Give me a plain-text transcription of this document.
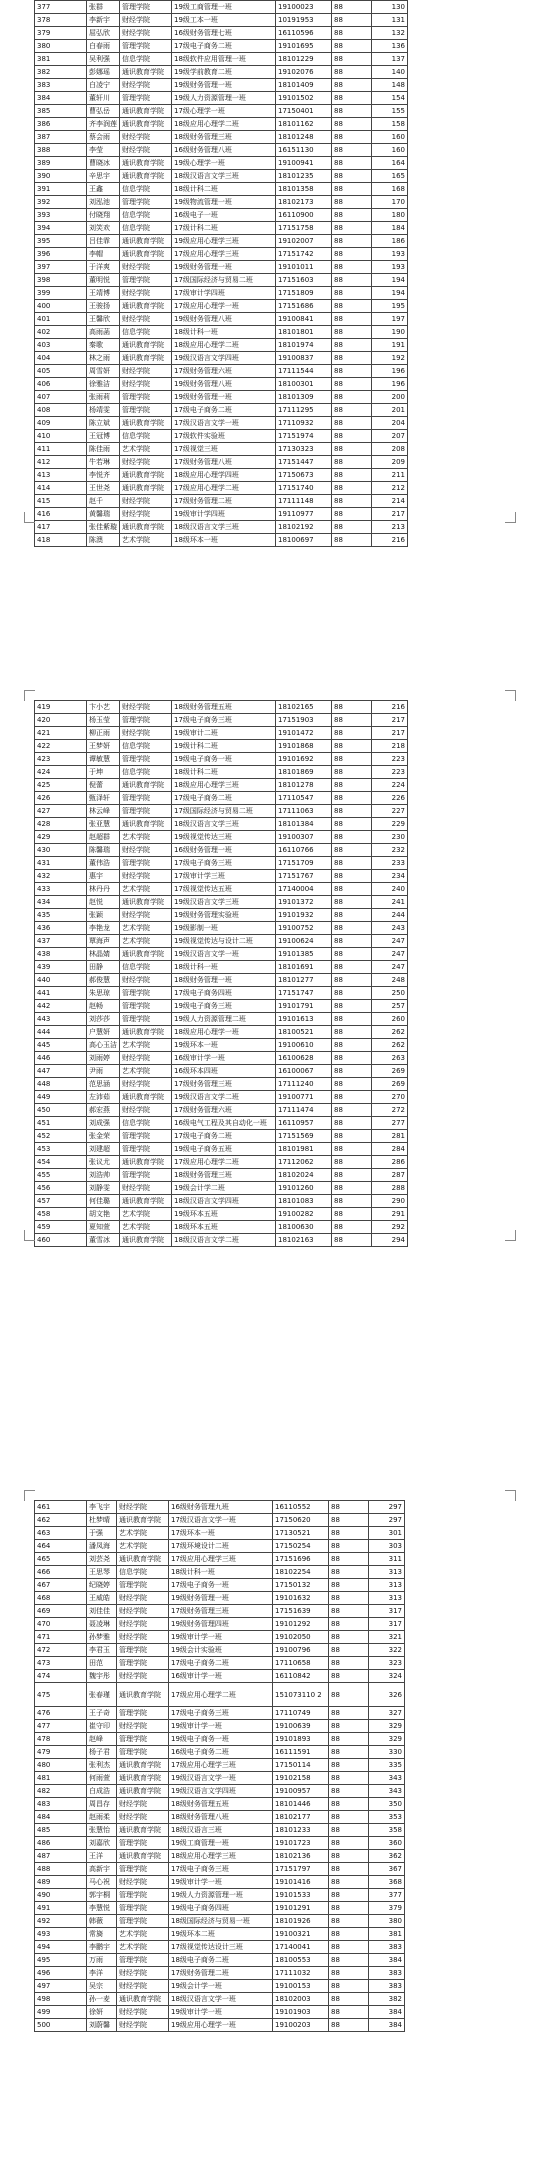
377	张群	管理学院	19级工商管理一班	19100023	88	130
378	李新宇	财经学院	19级工本一班	10191953	88	131
379	屈弘欣	财经学院	16级财务管理七班	16110596	88	132
380	白春雨	管理学院	17级电子商务二班	19101695	88	136
381	吴利强	信息学院	18级软件应用管理一班	18101229	88	137
382	彭娜瑶	通识教育学院	19级学前教育二班	19102076	88	140
383	白凌宁	财经学院	19级财务管理一班	18101409	88	148
384	董轩川	管理学院	19级人力资源管理一班	19101502	88	154
385	曹弘岳	通识教育学院	17级心理学一班	17150401	88	155
386	齐李润莲	通识教育学院	18级应用心理学二班	18101162	88	158
387	蔡会雨	财经学院	18级财务管理三班	18101248	88	160
388	李莹	财经学院	16级财务管理八班	16151130	88	160
389	曹晓冰	通识教育学院	19级心理学一班	19100941	88	164
390	辛思宇	通识教育学院	18级汉语言文学三班	18101235	88	165
391	王鑫	信息学院	18级计科二班	18101358	88	168
392	刘泓池	管理学院	19级物流管理一班	18102173	88	170
393	付晓翔	信息学院	16级电子一班	16110900	88	180
394	刘笑欢	信息学院	17级计科二班	17151758	88	184
395	吕佳霏	通识教育学院	19级应用心理学三班	19102007	88	186
396	李帽	通识教育学院	17级应用心理学三班	17151742	88	193
397	于洋爽	财经学院	19级财务管理一班	19101011	88	193
398	董明悦	管理学院	17级国际经济与贸易二班	17151603	88	194
399	王靖博	财经学院	17级审计学四班	17151809	88	194
400	王骏扬	通识教育学院	17级应用心理学一班	17151686	88	195
401	王馨欣	财经学院	19级财务管理八班	19100841	88	197
402	高雨菡	信息学院	18级计科一班	18101801	88	190
403	秦歌	通识教育学院	18级应用心理学二班	18101974	88	191
404	林之雨	通识教育学院	19级汉语言文学四班	19100837	88	192
405	周雪妍	财经学院	17级财务管理六班	17111544	88	196
406	徐雅洁	财经学院	19级财务管理八班	18100301	88	196
407	张雨莉	管理学院	19级财务管理一班	18101309	88	200
408	杨靖雯	管理学院	17级电子商务二班	17111295	88	201
409	陈立斌	通识教育学院	17级汉语言文学一班	17110932	88	204
410	王冠博	信息学院	17级软件实验班	17151974	88	207
411	陈佳雨	艺术学院	17级视觉三班	17130323	88	208
412	牛若琳	财经学院	17级财务管理八班	17151447	88	209
413	李悦齐	通识教育学院	18级应用心理学四班	17150673	88	211
414	王世尧	通识教育学院	17级应用心理学二班	17151740	88	212
415	赵千	财经学院	17级财务管理二班	17111148	88	214
416	黄馨瑞	财经学院	19级审计学四班	19110977	88	217
417	张佳紫璇	通识教育学院	18级汉语言文学三班	18102192	88	213
418	陈澳	艺术学院	18级环本一班	18100697	88	216
419	卞小艺	财经学院	18级财务管理五班	18102165	88	216
420	杨玉莹	管理学院	17级电子商务三班	17151903	88	217
421	柳正雨	财经学院	19级审计二班	19101472	88	217
422	王梦妍	信息学院	19级计科二班	19101868	88	218
423	谭敏慧	管理学院	19级电子商务一班	19101692	88	223
424	于坤	信息学院	18级计科二班	18101869	88	223
425	倪蕾	通识教育学院	18级应用心理学三班	18101278	88	224
426	甄泽轩	管理学院	17级电子商务二班	17110547	88	226
427	林云峰	管理学院	17级国际经济与贸易二班	17111063	88	227
428	张亚慧	通识教育学院	18级汉语言文学三班	18101384	88	229
429	赵超群	艺术学院	19级视觉传达三班	19100307	88	230
430	陈馨瑞	财经学院	16级财务管理一班	16110766	88	232
431	董伟浩	管理学院	17级电子商务三班	17151709	88	233
432	惠宇	财经学院	17级审计学三班	17151767	88	234
433	林丹丹	艺术学院	17级视觉传达五班	17140004	88	240
434	赵悦	通识教育学院	19级汉语言文学三班	19101372	88	241
435	张颖	财经学院	19级财务管理实验班	19101932	88	244
436	李艳龙	艺术学院	19级影制一班	19100752	88	243
437	覃海声	艺术学院	19级视觉传达与设计二班	19100624	88	247
438	林晶婧	通识教育学院	19级汉语言文学一班	19101385	88	247
439	田静	信息学院	18级计科一班	18101691	88	247
440	郝俊慧	财经学院	18级财务管理一班	18101277	88	248
441	朱思琼	管理学院	17级电子商务四班	17151747	88	250
442	赵畅	管理学院	19级电子商务三班	19101791	88	257
443	刘莎莎	管理学院	19级人力资源管理二班	19101613	88	260
444	户慧妍	通识教育学院	18级应用心理学一班	18100521	88	262
445	高心玉洁	艺术学院	19级环本一班	19100610	88	262
446	刘雨婷	财经学院	16级审计学一班	16100628	88	263
447	尹雨	艺术学院	16级环本四班	16100067	88	269
448	范思涵	财经学院	17级财务管理三班	17111240	88	269
449	左沛茹	通识教育学院	19级汉语言文学二班	19100771	88	270
450	郝宏燕	财经学院	17级财务管理六班	17111474	88	272
451	刘成强	信息学院	16级电气工程及其自动化一班	16110957	88	277
452	张金荣	管理学院	17级电子商务二班	17151569	88	281
453	刘建超	管理学院	19级电子商务五班	18101981	88	284
454	张议尤	通识教育学院	17级应用心理学二班	17112062	88	286
455	刘浩帅	管理学院	18级财务管理三班	18102024	88	287
456	刘静雯	财经学院	19级会计学二班	19101260	88	288
457	何佳璐	通识教育学院	18级汉语言文学四班	18101083	88	290
458	胡文艳	艺术学院	19级环本五班	19100282	88	291
459	夏知萱	艺术学院	18级环本五班	18100630	88	292
460	董雪冰	通识教育学院	18级汉语言文学二班	18102163	88	294
461	李飞宇	财经学院	16级财务管理九班	16110552	88	297
462	杜梦晴	通识教育学院	17级汉语言文学一班	17150620	88	297
463	于强	艺术学院	17级环本一班	17130521	88	301
464	潘凤海	艺术学院	17级环境设计二班	17150254	88	303
465	刘芸尧	通识教育学院	17级应用心理学三班	17151696	88	311
466	王思琴	信息学院	18级计科一班	18102254	88	313
467	纪晓婷	管理学院	17级电子商务一班	17150132	88	313
468	王威皓	财经学院	19级财务管理一班	19101632	88	313
469	刘佳佳	财经学院	17级财务管理三班	17151639	88	317
470	聂凌琳	财经学院	19级财务管理四班	19101292	88	317
471	孙梦雅	财经学院	19级审计学一班	19102050	88	321
472	李君玉	管理学院	19级会计实验班	19100796	88	322
473	田范	管理学院	17级电子商务二班	17110658	88	323
474	魏宇彤	财经学院	16级审计学一班	16110842	88	324
475	张春瑾	通识教育学院	17级应用心理学二班	151073110 2	88	326
476	王子奇	管理学院	17级电子商务三班	17110749	88	327
477	崔守印	财经学院	19级审计学一班	19100639	88	329
478	赵峰	管理学院	19级电子商务一班	19101893	88	329
479	杨子君	管理学院	16级电子商务二班	16111591	88	330
480	张利杰	通识教育学院	17级应用心理学三班	17150114	88	335
481	何雨萱	通识教育学院	19级汉语言文学一班	19102158	88	343
482	白成浩	通识教育学院	19级汉语言文学四班	19100957	88	343
483	周昌存	财经学院	18级财务管理五班	18101446	88	350
484	赵雨柔	财经学院	18级财务管理八班	18102177	88	353
485	张慧怡	通识教育学院	18级汉语言三班	18101233	88	358
486	刘嘉欣	管理学院	19级工商管理一班	19101723	88	360
487	王洋	通识教育学院	18级应用心理学三班	18102136	88	362
488	高新宇	管理学院	17级电子商务三班	17151797	88	367
489	马心祝	财经学院	19级审计学一班	19101416	88	368
490	郭宇桐	管理学院	19级人力资源管理一班	19101533	88	377
491	李慧悦	管理学院	19级电子商务四班	19101291	88	379
492	韩薇	管理学院	18级国际经济与贸易一班	18101926	88	380
493	常旖	艺术学院	19级环本二班	19100321	88	381
494	李鹏宇	艺术学院	17级视觉传达设计三班	17140041	88	383
495	万雨	管理学院	18级电子商务二班	18100553	88	384
496	李洋	财经学院	17级财务管理二班	17111032	88	383
497	吴宗	财经学院	19级会计学一班	19100153	88	383
498	孙一麦	通识教育学院	18级汉语言文学一班	18102003	88	382
499	徐妍	财经学院	19级审计学一班	19101903	88	384
500	刘蔚馨	财经学院	19级应用心理学一班	19100203	88	384
